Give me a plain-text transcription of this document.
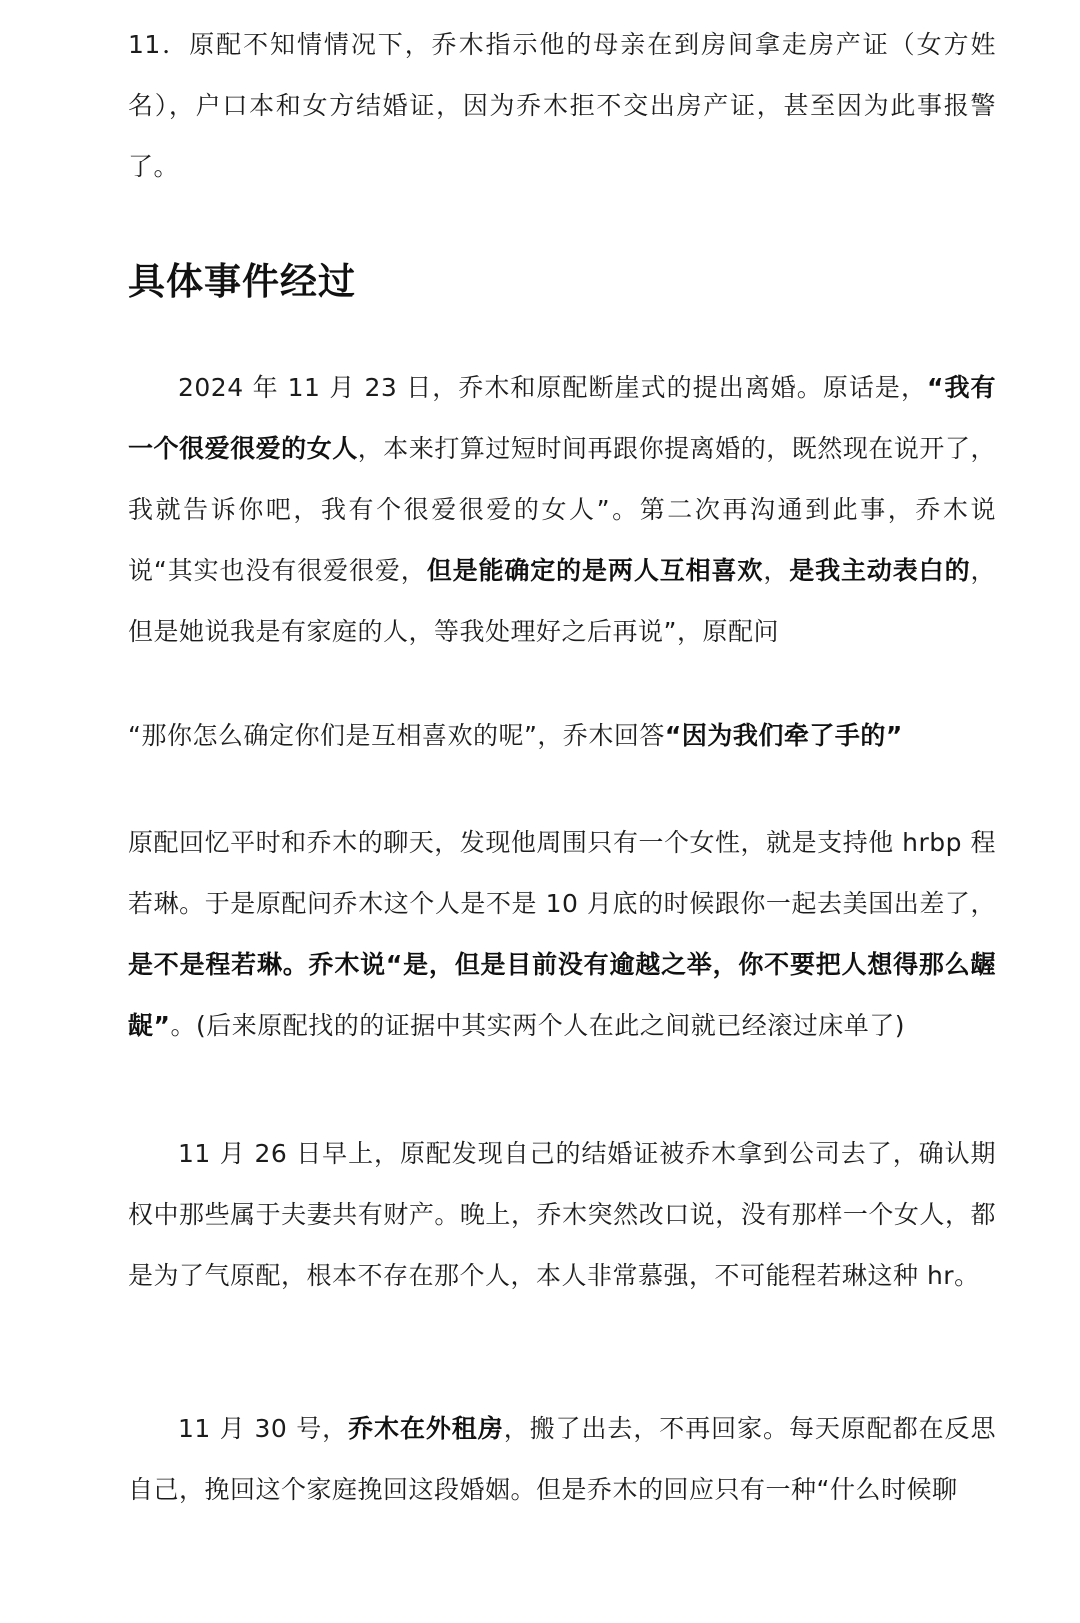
11．原配不知情情况下，乔木指示他的母亲在到房间拿走房产证（女方姓名），户口本和女方结婚证，因为乔木拒不交出房产证，甚至因为此事报警了。

具体事件经过

2024 年 11 月 23 日，乔木和原配断崖式的提出离婚。原话是，“我有一个很爱很爱的女人，本来打算过短时间再跟你提离婚的，既然现在说开了，我就告诉你吧，我有个很爱很爱的女人”。第二次再沟通到此事，乔木说说“其实也没有很爱很爱，但是能确定的是两人互相喜欢，是我主动表白的，但是她说我是有家庭的人，等我处理好之后再说”，原配问

“那你怎么确定你们是互相喜欢的呢”，乔木回答“因为我们牵了手的”

原配回忆平时和乔木的聊天，发现他周围只有一个女性，就是支持他 hrbp 程若琳。于是原配问乔木这个人是不是 10 月底的时候跟你一起去美国出差了，是不是程若琳。乔木说“是，但是目前没有逾越之举，你不要把人想得那么龌龊”。(后来原配找的的证据中其实两个人在此之间就已经滚过床单了)

11 月 26 日早上，原配发现自己的结婚证被乔木拿到公司去了，确认期权中那些属于夫妻共有财产。晚上，乔木突然改口说，没有那样一个女人，都是为了气原配，根本不存在那个人，本人非常慕强，不可能程若琳这种 hr。

11 月 30 号，乔木在外租房，搬了出去，不再回家。每天原配都在反思自己，挽回这个家庭挽回这段婚姻。但是乔木的回应只有一种“什么时候聊
